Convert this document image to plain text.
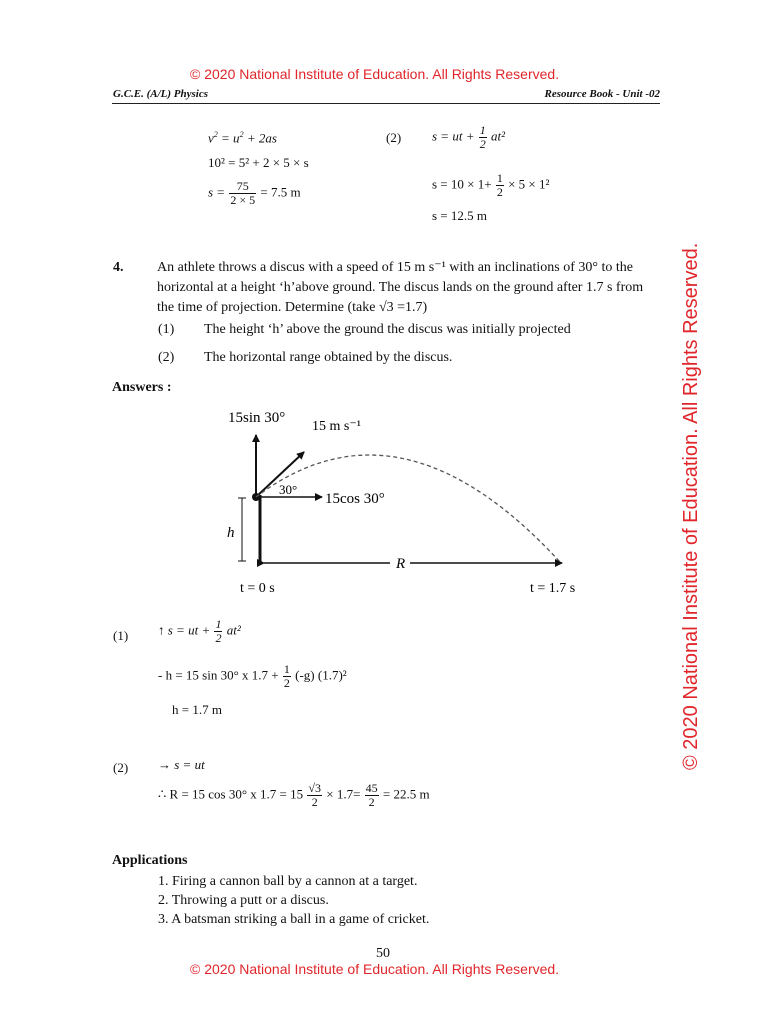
© 2020 National Institute of Education. All Rights Reserved.
G.C.E. (A/L) Physics	Resource Book - Unit -02
$v^2 = u^2 + 2as$
10² = 5² + 2 × 5 × s
$s = \frac{75}{2 \times 5} = 7.5$ m
(2) s = ut + $\frac{1}{2} at^2$
$s = 10 \times 1+ \frac{1}{2} \times 5 \times 1^2$
s = 12.5 m
4. An athlete throws a discus with a speed of 15 m s⁻¹ with an inclinations of 30° to the
horizontal at a height ‘h’above ground. The discus lands on the ground after 1.7 s from
the time of projection. Determine (take √3 =1.7)
(1) The height ‘h’ above the ground the discus was initially projected
(2) The horizontal range obtained by the discus.
Answers :
15sin 30°
15 m s⁻¹
30°
15cos 30°
h
R
t = 0 s	t = 1.7 s
(1) ↑ s = ut + $\frac{1}{2} at^2$
- h = 15 sin 30° x $1.7 + \frac{1}{2} (-g)$ (1.7)²
h = 1.7 m
(2) → s = ut
∴ R = 15 cos 30° x $1.7 = 15 \frac{√3}{2} \times 1.7= \frac{45}{2} = 22.5$ m
Applications
1. Firing a cannon ball by a cannon at a target.
2. Throwing a putt or a discus.
3. A batsman striking a ball in a game of cricket.
50
© 2020 National Institute of Education. All Rights Reserved.
© 2020 National Institute of Education. All Rights Reserved.
